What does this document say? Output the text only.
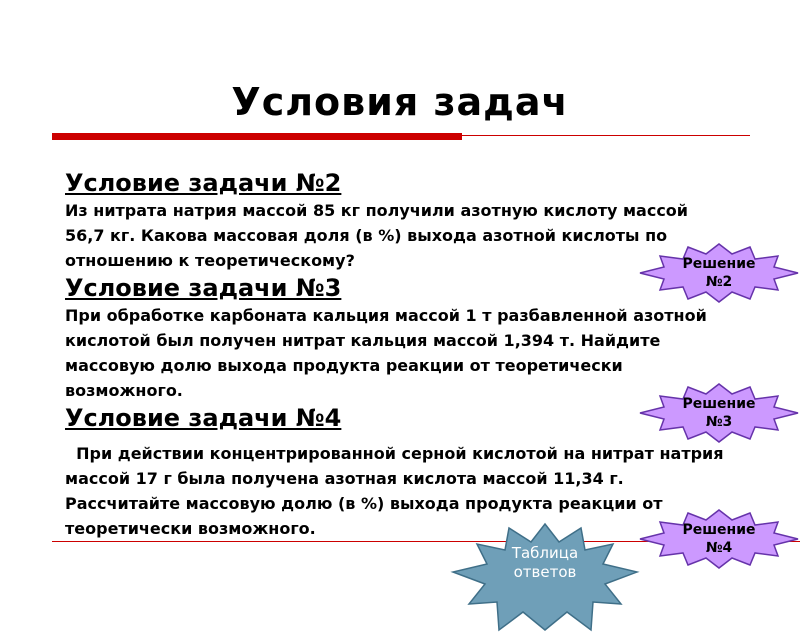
Условия задач

Условие задачи №2

Из нитрата натрия массой 85 кг получили азотную кислоту массой 56,7 кг. Какова массовая доля (в %) выхода азотной кислоты по отношению к теоретическому?

Условие задачи №3

При обработке карбоната кальция массой 1 т разбавленной азотной кислотой был получен нитрат кальция массой 1,394 т. Найдите массовую долю выхода продукта реакции от теоретически возможного.

Условие задачи №4

При действии концентрированной серной кислотой на нитрат натрия массой 17 г была получена азотная кислота массой 11,34 г. Рассчитайте массовую долю (в %) выхода продукта реакции от теоретически возможного.

Решение
№2
Решение
№3
Решение
№4
Таблица
ответов
